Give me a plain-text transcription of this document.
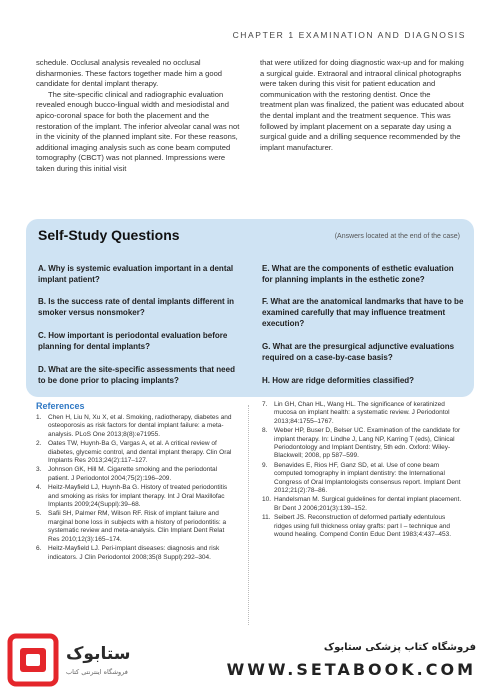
CHAPTER 1 EXAMINATION AND DIAGNOSIS

schedule. Occlusal analysis revealed no occlusal disharmonies. These factors together made him a good candidate for dental implant therapy.

The site-specific clinical and radiographic evaluation revealed enough bucco-lingual width and mesiodistal and apico-coronal space for both the placement and the restoration of the implant. The inferior alveolar canal was not in the vicinity of the planned implant site. For these reasons, additional imaging analysis such as cone beam computed tomography (CBCT) was not planned. Impressions were taken during this initial visit

that were utilized for doing diagnostic wax-up and for making a surgical guide. Extraoral and intraoral clinical photographs were taken during this visit for patient education and communication with the restoring dentist. Once the treatment plan was finalized, the patient was educated about the dental implant and the treatment sequence. This was followed by implant placement on a separate day using a surgical guide and a drilling sequence recommended by the implant manufacturer.

Self-Study Questions	(Answers located at the end of the case)
A. Why is systemic evaluation important in a dental implant patient?
B. Is the success rate of dental implants different in smoker versus nonsmoker?
C. How important is periodontal evaluation before planning for dental implants?
D. What are the site-specific assessments that need to be done prior to placing implants?
E. What are the components of esthetic evaluation for planning implants in the esthetic zone?
F. What are the anatomical landmarks that have to be examined carefully that may influence treatment execution?
G. What are the presurgical adjunctive evaluations required on a case-by-case basis?
H. How are ridge deformities classified?
References
1. Chen H, Liu N, Xu X, et al. Smoking, radiotherapy, diabetes and osteoporosis as risk factors for dental implant failure: a meta-analysis. PLoS One 2013;8(8):e71955.
2. Oates TW, Huynh-Ba G, Vargas A, et al. A critical review of diabetes, glycemic control, and dental implant therapy. Clin Oral Implants Res 2013;24(2):117–127.
3. Johnson GK, Hill M. Cigarette smoking and the periodontal patient. J Periodontol 2004;75(2):196–209.
4. Heitz-Mayfield LJ, Huynh-Ba G. History of treated periodontitis and smoking as risks for implant therapy. Int J Oral Maxillofac Implants 2009;24(Suppl):39–68.
5. Safii SH, Palmer RM, Wilson RF. Risk of implant failure and marginal bone loss in subjects with a history of periodontitis: a systematic review and meta-analysis. Clin Implant Dent Relat Res 2010;12(3):165–174.
6. Heitz-Mayfield LJ. Peri-implant diseases: diagnosis and risk indicators. J Clin Periodontol 2008;35(8 Suppl):292–304.
7. Lin GH, Chan HL, Wang HL. The significance of keratinized mucosa on implant health: a systematic review. J Periodontol 2013;84:1755–1767.
8. Weber HP, Buser D, Belser UC. Examination of the candidate for implant therapy. In: Lindhe J, Lang NP, Karring T (eds), Clinical Periodontology and Implant Dentistry, 5th edn. Oxford: Wiley-Blackwell; 2008, pp 587–599.
9. Benavides E, Rios HF, Ganz SD, et al. Use of cone beam computed tomography in implant dentistry: the International Congress of Oral Implantologists consensus report. Implant Dent 2012;21(2):78–86.
10. Handelsman M. Surgical guidelines for dental implant placement. Br Dent J 2006;201(3):139–152.
11. Seibert JS. Reconstruction of deformed partially edentulous ridges using full thickness onlay grafts: part I – technique and wound healing. Compend Contin Educ Dent 1983;4:437–453.
ستابوک
فروشگاه اینترنتی کتاب
فروشگاه کتاب پزشکی ستابوک
WWW.SETABOOK.COM
